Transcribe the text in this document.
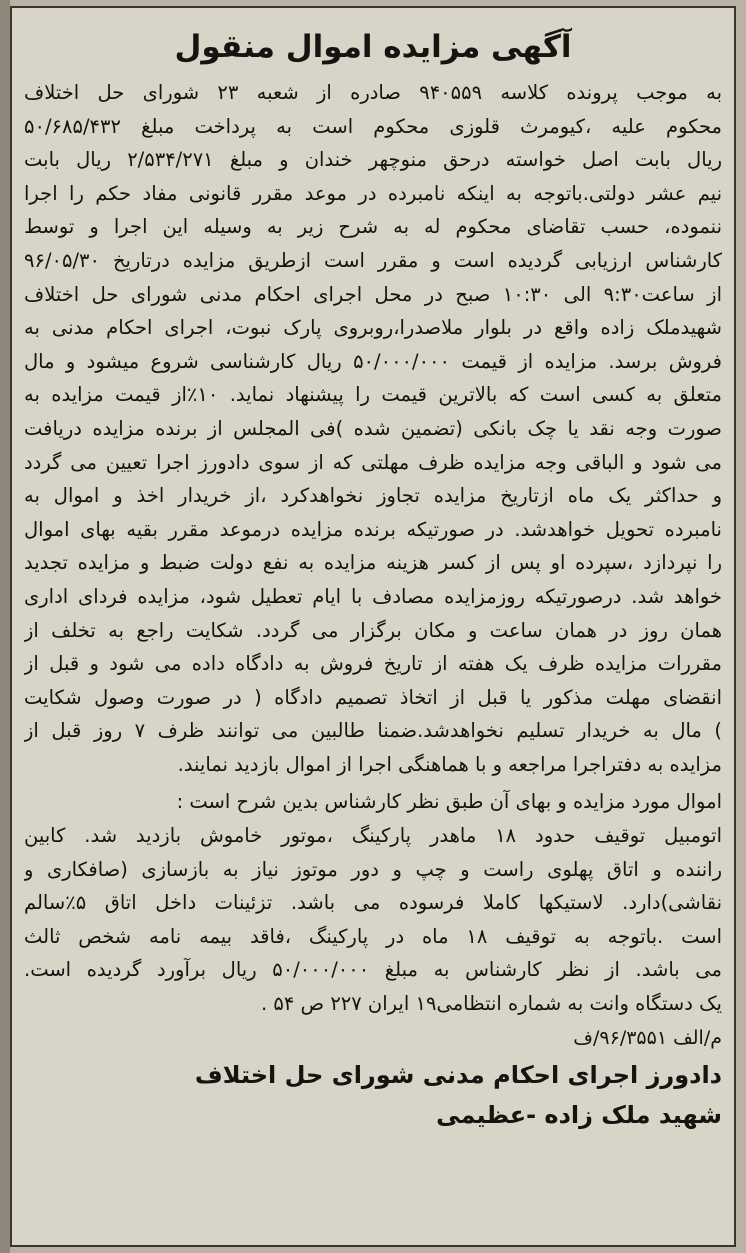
آگهی مزایده اموال منقول
به موجب پرونده کلاسه ۹۴۰۵۵۹ صادره از شعبه ۲۳ شورای حل اختلاف
محکوم علیه ،کیومرث قلوزی محکوم است به پرداخت مبلغ ۵۰/۶۸۵/۴۳۲
ریال بابت اصل خواسته درحق منوچهر خندان و مبلغ ۲/۵۳۴/۲۷۱ ریال بابت
نیم عشر دولتی.باتوجه به اینکه نامبرده در موعد مقرر قانونی مفاد حکم را اجرا
ننموده، حسب تقاضای محکوم له به شرح زیر به وسیله این اجرا و توسط
کارشناس ارزیابی گردیده است و مقرر است ازطریق مزایده درتاریخ ۹۶/۰۵/۳۰
از ساعت۹:۳۰ الی ۱۰:۳۰ صبح در محل اجرای احکام مدنی شورای حل اختلاف
شهیدملک زاده واقع در بلوار ملاصدرا،روبروی پارک نبوت، اجرای احکام مدنی به
فروش برسد. مزایده از قیمت ۵۰/۰۰۰/۰۰۰ ریال کارشناسی شروع میشود و مال
متعلق به کسی است که بالاترین قیمت را پیشنهاد نماید. ۱۰٪از قیمت مزایده به
صورت وجه نقد یا چک بانکی (تضمین شده )فی المجلس از برنده مزایده دریافت
می شود و الباقی وجه مزایده ظرف مهلتی که از سوی دادورز اجرا تعیین می گردد
و حداکثر یک ماه ازتاریخ مزایده تجاوز نخواهدکرد ،از خریدار اخذ و اموال به
نامبرده تحویل خواهدشد. در صورتیکه برنده مزایده درموعد مقرر بقیه بهای اموال
را نپردازد ،سپرده او پس از کسر هزینه مزایده به نفع دولت ضبط و مزایده تجدید
خواهد شد. درصورتیکه روزمزایده مصادف با ایام تعطیل شود، مزایده فردای اداری
همان روز در همان ساعت و مکان برگزار می گردد. شکایت راجع به تخلف از
مقررات مزایده ظرف یک هفته از تاریخ فروش به دادگاه داده می شود و قبل از
انقضای مهلت مذکور یا قبل از اتخاذ تصمیم دادگاه ( در صورت وصول شکایت
) مال به خریدار تسلیم نخواهدشد.ضمنا طالبین می توانند ظرف ۷ روز قبل از
مزایده به دفتراجرا مراجعه و با هماهنگی اجرا از اموال بازدید نمایند.
اموال مورد مزایده و بهای آن طبق نظر کارشناس بدین شرح است :
اتومبیل توقیف حدود ۱۸ ماهدر پارکینگ ،موتور خاموش بازدید شد. کابین
راننده و اتاق پهلوی راست و چپ و دور موتوز نیاز به بازسازی (صافکاری و
نقاشی)دارد. لاستیکها کاملا فرسوده می باشد. تزئینات داخل اتاق ۵٪سالم
است .باتوجه به توقیف ۱۸ ماه در پارکینگ ،فاقد بیمه نامه شخص ثالث
می باشد. از نظر کارشناس به مبلغ ۵۰/۰۰۰/۰۰۰ ریال برآورد گردیده است.
یک دستگاه وانت به شماره انتظامی۱۹ ایران ۲۲۷ ص ۵۴ .
م/الف ۹۶/۳۵۵۱/ف
دادورز اجرای احکام مدنی شورای حل اختلاف
شهید ملک زاده -عظیمی
